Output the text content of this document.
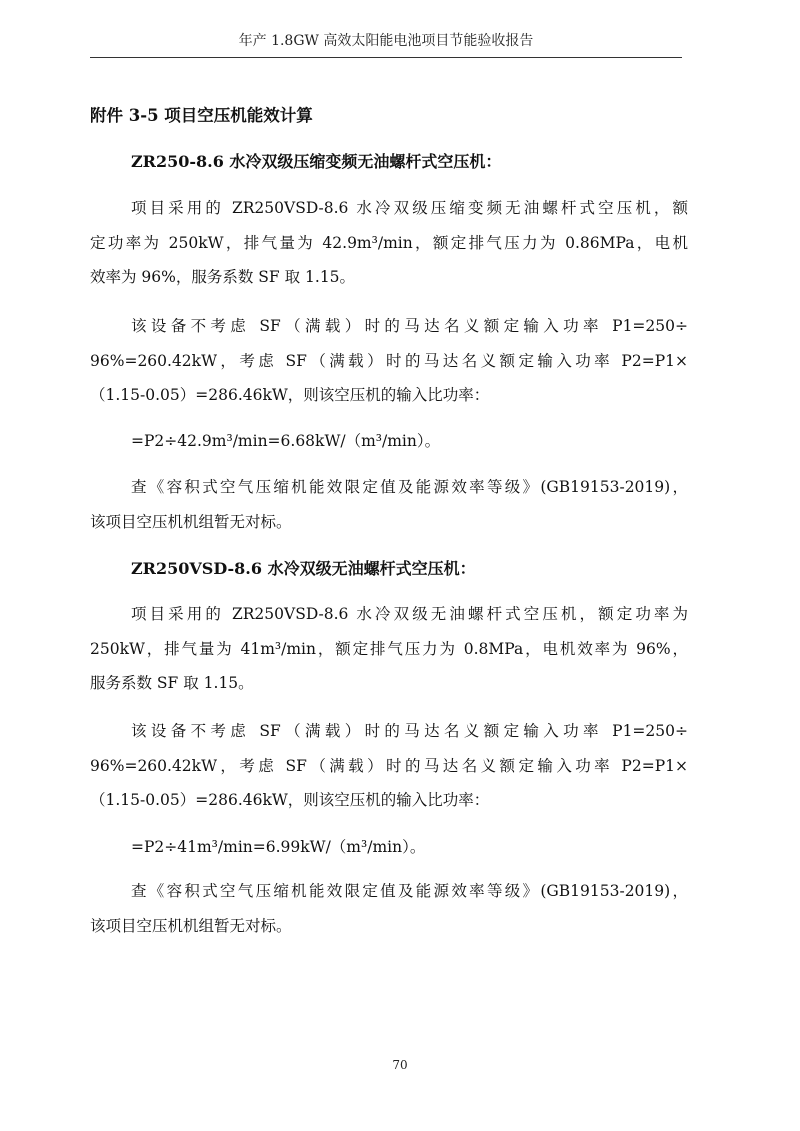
年产 1.8GW 高效太阳能电池项目节能验收报告
附件 3-5 项目空压机能效计算
ZR250-8.6 水冷双级压缩变频无油螺杆式空压机：

项目采用的 ZR250VSD-8.6 水冷双级压缩变频无油螺杆式空压机，额
定功率为 250kW，排气量为 42.9m³/min，额定排气压力为 0.86MPa，电机
效率为 96%，服务系数 SF 取 1.15。

该设备不考虑 SF（满载）时的马达名义额定输入功率 P1=250÷
96%=260.42kW，考虑 SF（满载）时的马达名义额定输入功率 P2=P1×
（1.15-0.05）=286.46kW，则该空压机的输入比功率：

=P2÷42.9m³/min=6.68kW/（m³/min）。

查《容积式空气压缩机能效限定值及能源效率等级》(GB19153-2019)，
该项目空压机机组暂无对标。

ZR250VSD-8.6 水冷双级无油螺杆式空压机：

项目采用的 ZR250VSD-8.6 水冷双级无油螺杆式空压机，额定功率为
250kW，排气量为 41m³/min，额定排气压力为 0.8MPa，电机效率为 96%，
服务系数 SF 取 1.15。

该设备不考虑 SF（满载）时的马达名义额定输入功率 P1=250÷
96%=260.42kW，考虑 SF（满载）时的马达名义额定输入功率 P2=P1×
（1.15-0.05）=286.46kW，则该空压机的输入比功率：

=P2÷41m³/min=6.99kW/（m³/min）。

查《容积式空气压缩机能效限定值及能源效率等级》(GB19153-2019)，
该项目空压机机组暂无对标。

70
